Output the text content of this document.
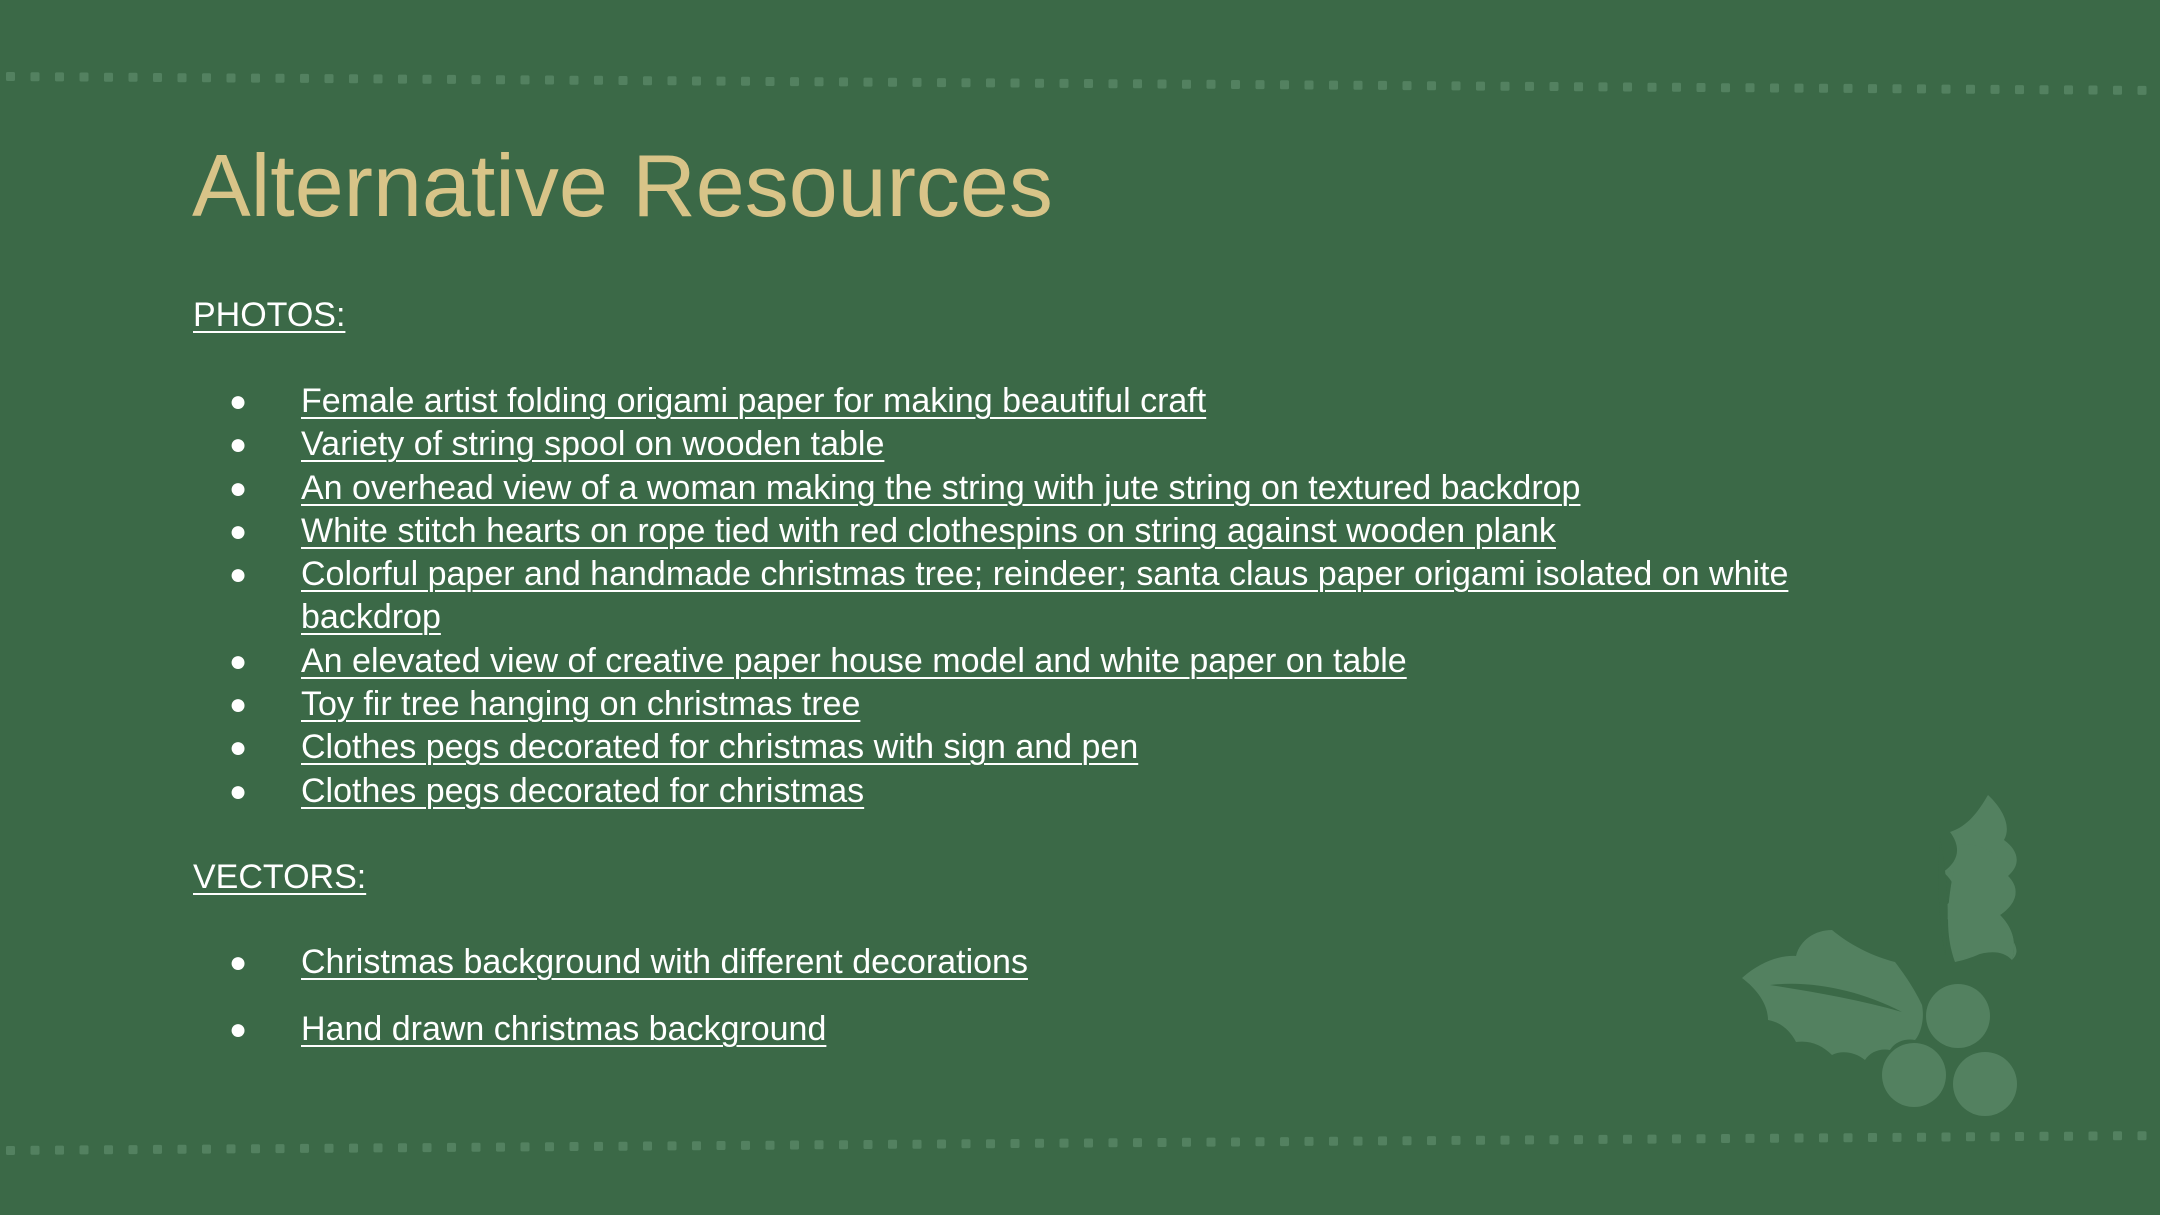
Alternative Resources
PHOTOS:
● Female artist folding origami paper for making beautiful craft
● Variety of string spool on wooden table
● An overhead view of a woman making the string with jute string on textured backdrop
● White stitch hearts on rope tied with red clothespins on string against wooden plank
● Colorful paper and handmade christmas tree; reindeer; santa claus paper origami isolated on white backdrop
● An elevated view of creative paper house model and white paper on table
● Toy fir tree hanging on christmas tree
● Clothes pegs decorated for christmas with sign and pen
● Clothes pegs decorated for christmas
VECTORS:
● Christmas background with different decorations
● Hand drawn christmas background
